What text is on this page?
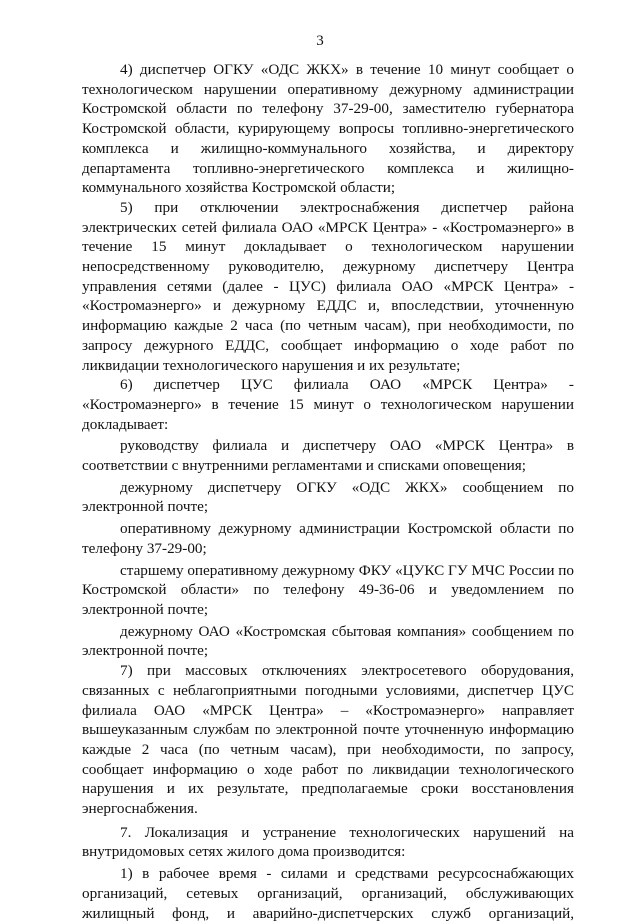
3

4) диспетчер ОГКУ «ОДС ЖКХ» в течение 10 минут сообщает о технологическом нарушении оперативному дежурному администрации Костромской области по телефону 37-29-00, заместителю губернатора Костромской области, курирующему вопросы топливно-энергетического комплекса и жилищно-коммунального хозяйства, и директору департамента топливно-энергетического комплекса и жилищно-коммунального хозяйства Костромской области;

5) при отключении электроснабжения диспетчер района электрических сетей филиала ОАО «МРСК Центра» - «Костромаэнерго» в течение 15 минут докладывает о технологическом нарушении непосредственному руководителю, дежурному диспетчеру Центра управления сетями (далее - ЦУС) филиала ОАО «МРСК Центра» - «Костромаэнерго» и дежурному ЕДДС и, впоследствии, уточненную информацию каждые 2 часа (по четным часам), при необходимости, по запросу дежурного ЕДДС, сообщает информацию о ходе работ по ликвидации технологического нарушения и их результате;

6) диспетчер ЦУС филиала ОАО «МРСК Центра» - «Костромаэнерго» в течение 15 минут о технологическом нарушении докладывает:

руководству филиала и диспетчеру ОАО «МРСК Центра» в соответствии с внутренними регламентами и списками оповещения;

дежурному диспетчеру ОГКУ «ОДС ЖКХ» сообщением по электронной почте;

оперативному дежурному администрации Костромской области по телефону 37-29-00;

старшему оперативному дежурному ФКУ «ЦУКС ГУ МЧС России по Костромской области» по телефону 49-36-06 и уведомлением по электронной почте;

дежурному ОАО «Костромская сбытовая компания» сообщением по электронной почте;

7) при массовых отключениях электросетевого оборудования, связанных с неблагоприятными погодными условиями, диспетчер ЦУС филиала ОАО «МРСК Центра» – «Костромаэнерго» направляет вышеуказанным службам по электронной почте уточненную информацию каждые 2 часа (по четным часам), при необходимости, по запросу, сообщает информацию о ходе работ по ликвидации технологического нарушения и их результате, предполагаемые сроки восстановления энергоснабжения.

7. Локализация и устранение технологических нарушений на внутридомовых сетях жилого дома производится:

1) в рабочее время - силами и средствами ресурсоснабжающих организаций, сетевых организаций, организаций, обслуживающих жилищный фонд, и аварийно-диспетчерских служб организаций,
